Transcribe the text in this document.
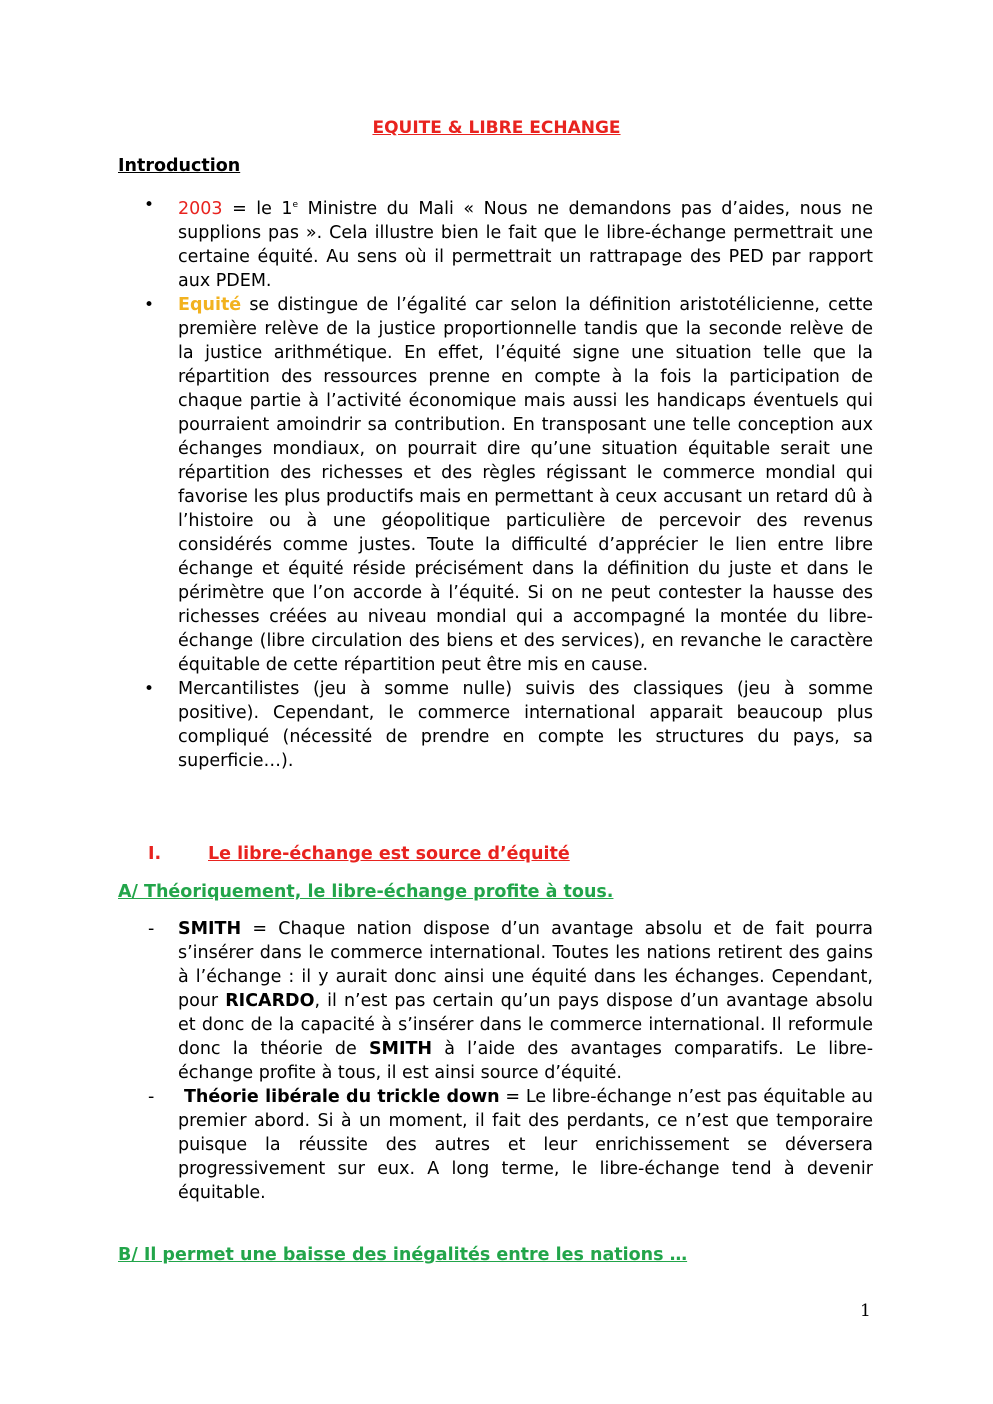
EQUITE & LIBRE ECHANGE
Introduction
• 2003 = le 1e Ministre du Mali « Nous ne demandons pas d’aides, nous ne supplions pas ». Cela illustre bien le fait que le libre-échange permettrait une certaine équité. Au sens où il permettrait un rattrapage des PED par rapport aux PDEM.
• Equité se distingue de l’égalité car selon la définition aristotélicienne, cette première relève de la justice proportionnelle tandis que la seconde relève de la justice arithmétique. En effet, l’équité signe une situation telle que la répartition des ressources prenne en compte à la fois la participation de chaque partie à l’activité économique mais aussi les handicaps éventuels qui pourraient amoindrir sa contribution. En transposant une telle conception aux échanges mondiaux, on pourrait dire qu’une situation équitable serait une répartition des richesses et des règles régissant le commerce mondial qui favorise les plus productifs mais en permettant à ceux accusant un retard dû à l’histoire ou à une géopolitique particulière de percevoir des revenus considérés comme justes. Toute la difficulté d’apprécier le lien entre libre échange et équité réside précisément dans la définition du juste et dans le périmètre que l’on accorde à l’équité. Si on ne peut contester la hausse des richesses créées au niveau mondial qui a accompagné la montée du libre-échange (libre circulation des biens et des services), en revanche le caractère équitable de cette répartition peut être mis en cause.
• Mercantilistes (jeu à somme nulle) suivis des classiques (jeu à somme positive). Cependant, le commerce international apparait beaucoup plus compliqué (nécessité de prendre en compte les structures du pays, sa superficie…).
I.	Le libre-échange est source d’équité
A/ Théoriquement, le libre-échange profite à tous.
- SMITH = Chaque nation dispose d’un avantage absolu et de fait pourra s’insérer dans le commerce international. Toutes les nations retirent des gains à l’échange : il y aurait donc ainsi une équité dans les échanges. Cependant, pour RICARDO, il n’est pas certain qu’un pays dispose d’un avantage absolu et donc de la capacité à s’insérer dans le commerce international. Il reformule donc la théorie de SMITH à l’aide des avantages comparatifs. Le libre-échange profite à tous, il est ainsi source d’équité.
- Théorie libérale du trickle down = Le libre-échange n’est pas équitable au premier abord. Si à un moment, il fait des perdants, ce n’est que temporaire puisque la réussite des autres et leur enrichissement se déversera progressivement sur eux. A long terme, le libre-échange tend à devenir équitable.
B/ Il permet une baisse des inégalités entre les nations …
1
